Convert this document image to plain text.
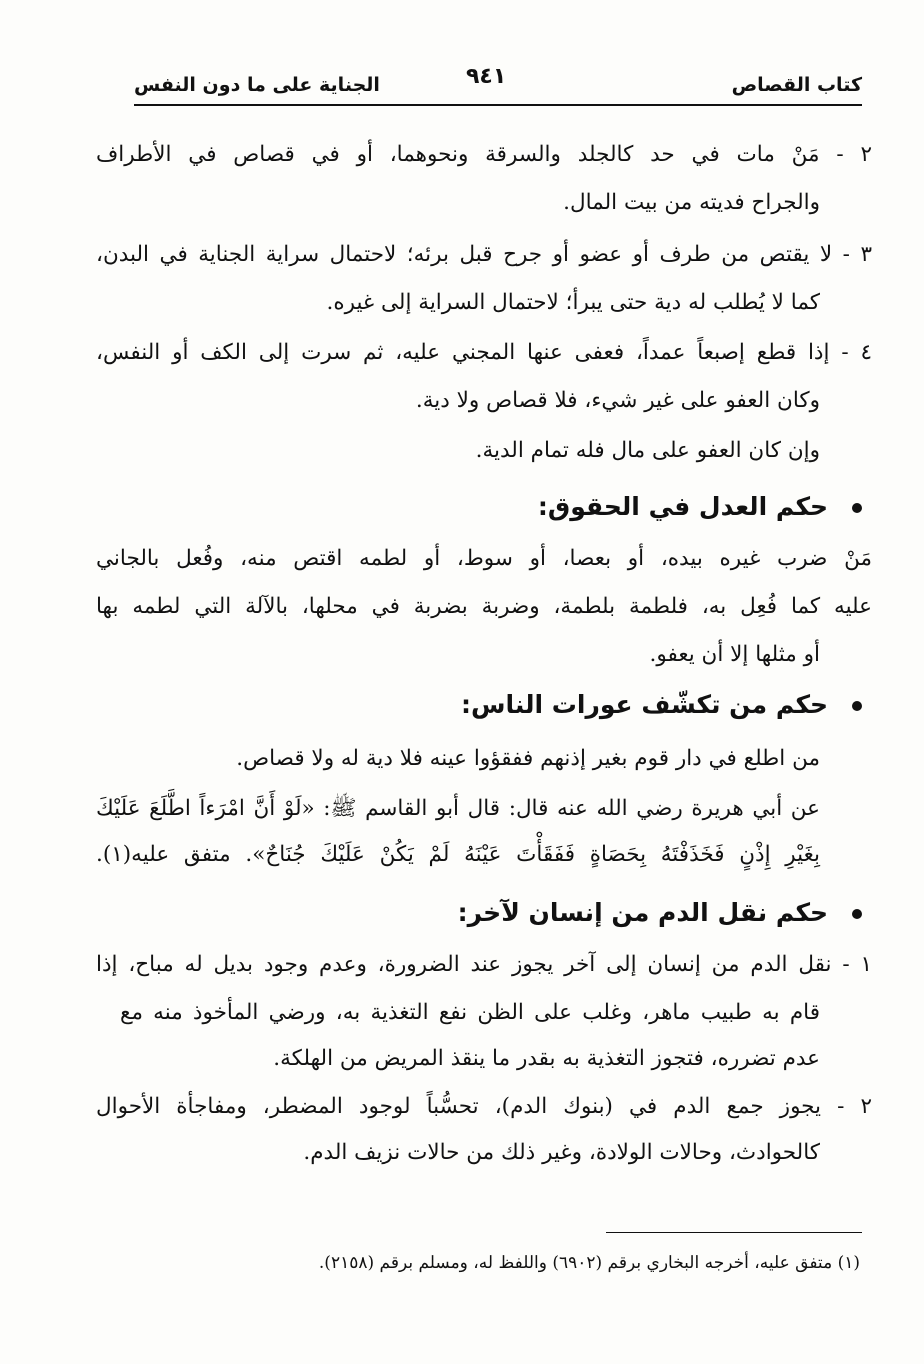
كتاب القصاص
٩٤١
الجناية على ما دون النفس
٢ - مَنْ مات في حد كالجلد والسرقة ونحوهما، أو في قصاص في الأطراف
والجراح فديته من بيت المال.
٣ - لا يقتص من طرف أو عضو أو جرح قبل برئه؛ لاحتمال سراية الجناية في البدن،
كما لا يُطلب له دية حتى يبرأ؛ لاحتمال السراية إلى غيره.
٤ - إذا قطع إصبعاً عمداً، فعفى عنها المجني عليه، ثم سرت إلى الكف أو النفس،
وكان العفو على غير شيء، فلا قصاص ولا دية.
وإن كان العفو على مال فله تمام الدية.
حكم العدل في الحقوق:
مَنْ ضرب غيره بيده، أو بعصا، أو سوط، أو لطمه اقتص منه، وفُعل بالجاني
عليه كما فُعِل به، فلطمة بلطمة، وضربة بضربة في محلها، بالآلة التي لطمه بها
أو مثلها إلا أن يعفو.
حكم من تكشّف عورات الناس:
من اطلع في دار قوم بغير إذنهم ففقؤوا عينه فلا دية له ولا قصاص.
عن أبي هريرة رضي الله عنه قال: قال أبو القاسم ﷺ: «لَوْ أَنَّ امْرَءاً اطَّلَعَ عَلَيْكَ
بِغَيْرِ إِذْنٍ فَخَذَفْتَهُ بِحَصَاةٍ فَفَقَأْتَ عَيْنَهُ لَمْ يَكُنْ عَلَيْكَ جُنَاحٌ». متفق عليه(١).
حكم نقل الدم من إنسان لآخر:
١ - نقل الدم من إنسان إلى آخر يجوز عند الضرورة، وعدم وجود بديل له مباح، إذا
قام به طبيب ماهر، وغلب على الظن نفع التغذية به، ورضي المأخوذ منه مع
عدم تضرره، فتجوز التغذية به بقدر ما ينقذ المريض من الهلكة.
٢ - يجوز جمع الدم في (بنوك الدم)، تحسُّباً لوجود المضطر، ومفاجأة الأحوال
كالحوادث، وحالات الولادة، وغير ذلك من حالات نزيف الدم.
(١) متفق عليه، أخرجه البخاري برقم (٦٩٠٢) واللفظ له، ومسلم برقم (٢١٥٨).
